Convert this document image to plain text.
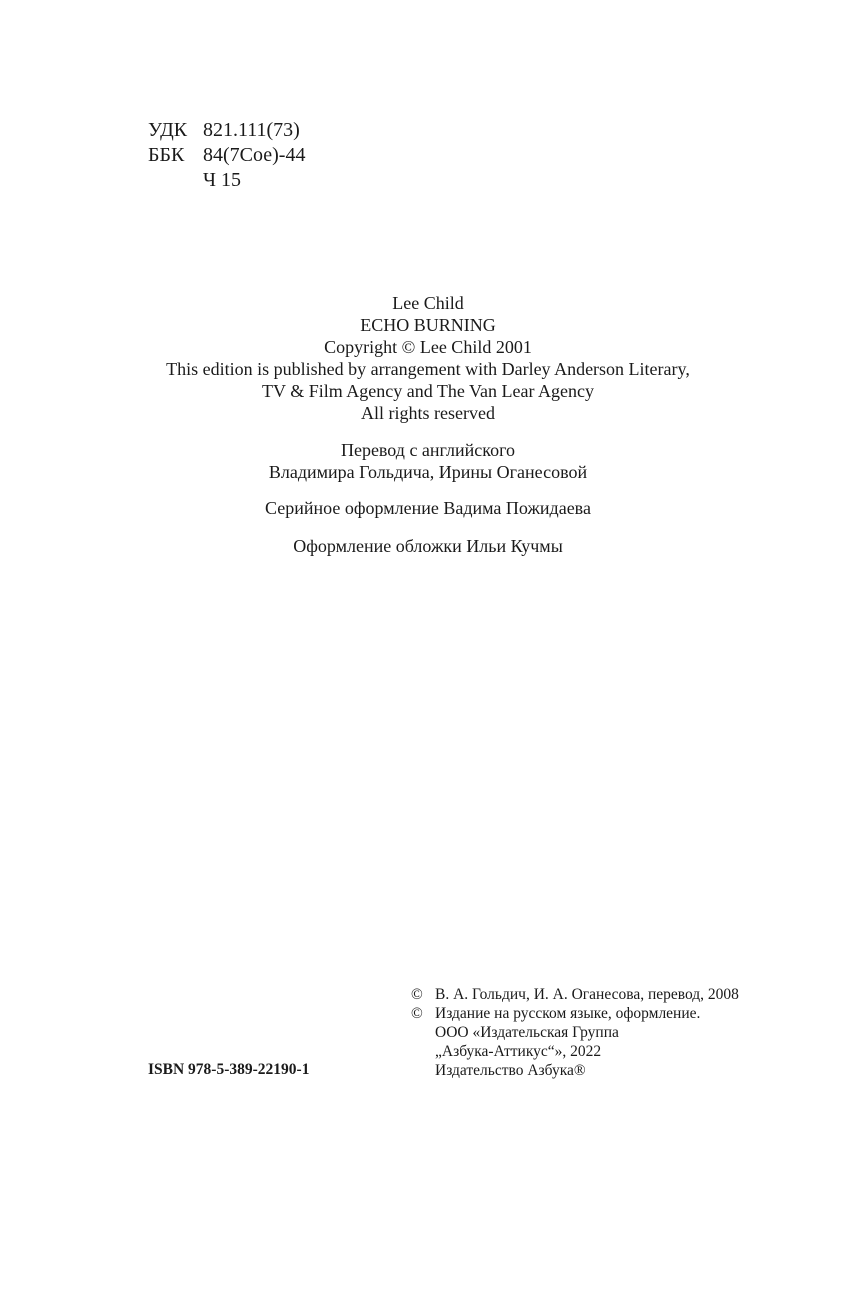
УДК 821.111(73)
ББК 84(7Сое)-44
Ч 15
Lee Child
ECHO BURNING
Copyright © Lee Child 2001
This edition is published by arrangement with Darley Anderson Literary,
TV & Film Agency and The Van Lear Agency
All rights reserved
Перевод с английского
Владимира Гольдича, Ирины Оганесовой
Серийное оформление Вадима Пожидаева
Оформление обложки Ильи Кучмы
© В. А. Гольдич, И. А. Оганесова, перевод, 2008
© Издание на русском языке, оформление.
ООО «Издательская Группа
„Азбука-Аттикус“», 2022
Издательство Азбука®
ISBN 978-5-389-22190-1
